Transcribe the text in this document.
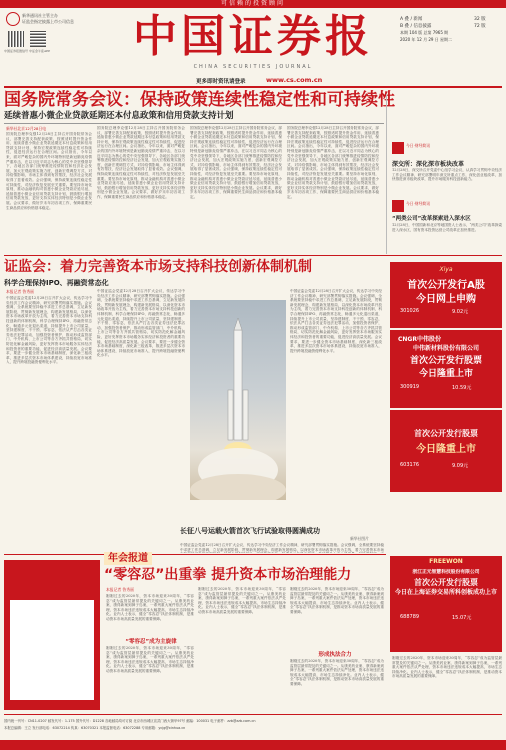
可信赖的投资顾问
新华通讯社主管主办
证监会指定披露上市公司信息
中国证券报微信号 中证金牛座APP 中国证券报
CHINA SECURITIES JOURNAL
A 叠 / 新闻	32 版
B 叠 / 信息披露	72 版
本期 104 版 总第 7965 期
2020 年 12 月 29 日 星期二
更多即时资讯请登录	www.cs.com.cn
国务院常务会议：保持政策连续性稳定性和可持续性
延续普惠小微企业贷款延期还本付息政策和信用贷款支持计划
新华社北京12月28日电
国务院总理李克强12月28日主持召开国务院常务会议，部署完善支持配套政策，按照适时提升资金作用，延续普惠小微企业贷款延期还本付息政策和信用贷款支持计划，保持宏观政策连续性稳定性可持续性，促进经济运行在合理区间。会议指出，今年以来，面对严峻复杂的国内外环境特别是新冠肺炎疫情严重冲击，在以习近平同志为核心的党中央坚强领导下，各地区各部门统筹推进疫情防控和经济社会发展，加大宏观政策实施力度，创新宏观调控方式，对冲疫情影响，市场主体得到有效帮扶，经济社会发展取得了显著成效。会议强调，保持政策连续性稳定性可持续性，对经济恢复发展至关重要。要坚持市场化原则，推动金融机构对普惠小微企业贷款应延尽延，延续普惠小微企业信用贷款支持计划，鼓励银行增加信用贷款发放，更好支持实体经济特别是小微企业发展。会议要求，做好岁末年初各项工作，保障重要民生商品供应和价格基本稳定。
国务院总理李克强12月28日主持召开国务院常务会议，部署完善支持配套政策，按照适时提升资金作用，延续普惠小微企业贷款延期还本付息政策和信用贷款支持计划，保持宏观政策连续性稳定性可持续性，促进经济运行在合理区间。会议指出，今年以来，面对严峻复杂的国内外环境特别是新冠肺炎疫情严重冲击，在以习近平同志为核心的党中央坚强领导下，各地区各部门统筹推进疫情防控和经济社会发展，加大宏观政策实施力度，创新宏观调控方式，对冲疫情影响，市场主体得到有效帮扶，经济社会发展取得了显著成效。会议强调，保持政策连续性稳定性可持续性，对经济恢复发展至关重要。要坚持市场化原则，推动金融机构对普惠小微企业贷款应延尽延，延续普惠小微企业信用贷款支持计划，鼓励银行增加信用贷款发放，更好支持实体经济特别是小微企业发展。会议要求，做好岁末年初各项工作，保障重要民生商品供应和价格基本稳定。
国务院总理李克强12月28日主持召开国务院常务会议，部署完善支持配套政策，按照适时提升资金作用，延续普惠小微企业贷款延期还本付息政策和信用贷款支持计划，保持宏观政策连续性稳定性可持续性，促进经济运行在合理区间。会议指出，今年以来，面对严峻复杂的国内外环境特别是新冠肺炎疫情严重冲击，在以习近平同志为核心的党中央坚强领导下，各地区各部门统筹推进疫情防控和经济社会发展，加大宏观政策实施力度，创新宏观调控方式，对冲疫情影响，市场主体得到有效帮扶，经济社会发展取得了显著成效。会议强调，保持政策连续性稳定性可持续性，对经济恢复发展至关重要。要坚持市场化原则，推动金融机构对普惠小微企业贷款应延尽延，延续普惠小微企业信用贷款支持计划，鼓励银行增加信用贷款发放，更好支持实体经济特别是小微企业发展。会议要求，做好岁末年初各项工作，保障重要民生商品供应和价格基本稳定。
国务院总理李克强12月28日主持召开国务院常务会议，部署完善支持配套政策，按照适时提升资金作用，延续普惠小微企业贷款延期还本付息政策和信用贷款支持计划，保持宏观政策连续性稳定性可持续性，促进经济运行在合理区间。会议指出，今年以来，面对严峻复杂的国内外环境特别是新冠肺炎疫情严重冲击，在以习近平同志为核心的党中央坚强领导下，各地区各部门统筹推进疫情防控和经济社会发展，加大宏观政策实施力度，创新宏观调控方式，对冲疫情影响，市场主体得到有效帮扶，经济社会发展取得了显著成效。会议强调，保持政策连续性稳定性可持续性，对经济恢复发展至关重要。要坚持市场化原则，推动金融机构对普惠小微企业贷款应延尽延，延续普惠小微企业信用贷款支持计划，鼓励银行增加信用贷款发放，更好支持实体经济特别是小微企业发展。会议要求，做好岁末年初各项工作，保障重要民生商品供应和价格基本稳定。
今日·财经简讯
深交所：深化深市板块改革
12月28日，深交所召开党委中心组学习会议，认真学习贯彻中央经济工作会议精神，研究部署明年深交所重点工作，深化创业板改革，加快推进深市板块改革，提升市场服务科技创新能力。
今日·财经简讯
“两类公司”改革探索进入深水区
12月28日，中国国新和北京等地国资人士表示，“两类公司”改革探索进入深水区，国有资本投资运营公司改革正加快推进。
证监会：着力完善资本市场支持科技创新体制机制
科学合理保持IPO、再融资常态化
本报记者 昝秀丽
中国证监会党委12月28日召开扩大会议，传达学习中央经济工作会议精神，研究部署贯彻落实措施。会议强调，全系统要坚持稳中求进工作总基调，立足新发展阶段，贯彻新发展理念，构建新发展格局，以深化资本市场改革开放为主线，着力完善资本市场支持科技创新的体制机制，科学合理保持IPO、再融资常态化，畅通多元化退出渠道，持续提升上市公司质量，坚持建制度、不干预、零容忍，依法从严打击各类证券违法犯罪活动，加强投资者保护，推动形成监管部门、中介机构、上市公司等各方齐抓共管格局，切实防范化解金融风险，更好发挥资本市场服务实体经济和投资者的重要功能，促进经济高质量发展。会议要求，要进一步健全资本市场基础制度，深化新三板改革，推进多层次资本市场体系建设，持续放宽市场准入，提升跨境投融资便利化水平。
中国证监会党委12月28日召开扩大会议，传达学习中央经济工作会议精神，研究部署贯彻落实措施。会议强调，全系统要坚持稳中求进工作总基调，立足新发展阶段，贯彻新发展理念，构建新发展格局，以深化资本市场改革开放为主线，着力完善资本市场支持科技创新的体制机制，科学合理保持IPO、再融资常态化，畅通多元化退出渠道，持续提升上市公司质量，坚持建制度、不干预、零容忍，依法从严打击各类证券违法犯罪活动，加强投资者保护，推动形成监管部门、中介机构、上市公司等各方齐抓共管格局，切实防范化解金融风险，更好发挥资本市场服务实体经济和投资者的重要功能，促进经济高质量发展。会议要求，要进一步健全资本市场基础制度，深化新三板改革，推进多层次资本市场体系建设，持续放宽市场准入，提升跨境投融资便利化水平。
中国证监会党委12月28日召开扩大会议，传达学习中央经济工作会议精神，研究部署贯彻落实措施。会议强调，全系统要坚持稳中求进工作总基调，立足新发展阶段，贯彻新发展理念，构建新发展格局，以深化资本市场改革开放为主线，着力完善资本市场支持科技创新的体制机制，科学合理保持IPO、再融资常态化，畅通多元化退出渠道，持续提升上市公司质量，坚持建制度、不干预、零容忍，依法从严打击各类证券违法犯罪活动，加强投资者保护，推动形成监管部门、中介机构、上市公司等各方齐抓共管格局，切实防范化解金融风险，更好发挥资本市场服务实体经济和投资者的重要功能，促进经济高质量发展。会议要求，要进一步健全资本市场基础制度，深化新三板改革，推进多层次资本市场体系建设，持续放宽市场准入，提升跨境投融资便利化水平。
长征八号运载火箭首次飞行试验取得圆满成功
新华社图片
中国证监会党委12月28日召开扩大会议，传达学习中央经济工作会议精神，研究部署贯彻落实措施。会议强调，全系统要坚持稳中求进工作总基调，立足新发展阶段，贯彻新发展理念，构建新发展格局，以深化资本市场改革开放为主线，着力完善资本市场
Xiya
首次公开发行A股
今日网上申购
301026	9.02元
CNGR中伟股份
中伟新材料股份有限公司
首次公开发行股票
今日隆重上市
300919	10.59元
首次公开发行股票
今日隆重上市
603176	9.09元
FREEWON
浙江正元智慧科技股份有限公司
首次公开发行股票
今日在上海证券交易所科创板成功上市
688789	15.07元
年会报道
“零容忍”出重拳 提升资本市场治理能力
本报记者 昝秀丽
刚刚过去的2020年，资本市场迎来30周年，“零容忍”成为监管层最常提及的关键词之一。从康美药业案、康得新案到獐子岛案，一系列重大案件依法从严处理，资本市场违法违规成本大幅提高，市场生态持续净化。业内人士表示，健全“零容忍”执法体制机制，是推动资本市场高质量发展的重要保障。
“零容忍”成为主旋律
刚刚过去的2020年，资本市场迎来30周年，“零容忍”成为监管层最常提及的关键词之一。从康美药业案、康得新案到獐子岛案，一系列重大案件依法从严处理，资本市场违法违规成本大幅提高，市场生态持续净化。业内人士表示，健全“零容忍”执法体制机制，是推动资本市场高质量发展的重要保障。
刚刚过去的2020年，资本市场迎来30周年，“零容忍”成为监管层最常提及的关键词之一。从康美药业案、康得新案到獐子岛案，一系列重大案件依法从严处理，资本市场违法违规成本大幅提高，市场生态持续净化。业内人士表示，健全“零容忍”执法体制机制，是推动资本市场高质量发展的重要保障。
刚刚过去的2020年，资本市场迎来30周年，“零容忍”成为监管层最常提及的关键词之一。从康美药业案、康得新案到獐子岛案，一系列重大案件依法从严处理，资本市场违法违规成本大幅提高，市场生态持续净化。业内人士表示，健全“零容忍”执法体制机制，是推动资本市场高质量发展的重要保障。
形成执法合力
刚刚过去的2020年，资本市场迎来30周年，“零容忍”成为监管层最常提及的关键词之一。从康美药业案、康得新案到獐子岛案，一系列重大案件依法从严处理，资本市场违法违规成本大幅提高，市场生态持续净化。业内人士表示，健全“零容忍”执法体制机制，是推动资本市场高质量发展的重要保障。
刚刚过去的2020年，资本市场迎来30周年，“零容忍”成为监管层最常提及的关键词之一。从康美药业案、康得新案到獐子岛案，一系列重大案件依法从严处理，资本市场违法违规成本大幅提高，市场生态持续净化。业内人士表示，健全“零容忍”执法体制机制，是推动资本市场高质量发展的重要保障。
国内统一刊号：CN11-0207 邮发代号：1-175 国外代号：D1228 各地邮局均可订阅 北京市西城区宣武门西大街甲97号 邮编：100031 电子邮件：zzb@zzb.com.cn
本报总编辑：王立 发行部电话：63072214 传真：63070321 本报监督电话：63072288 专用邮箱：ycjg@xinhua.cn
